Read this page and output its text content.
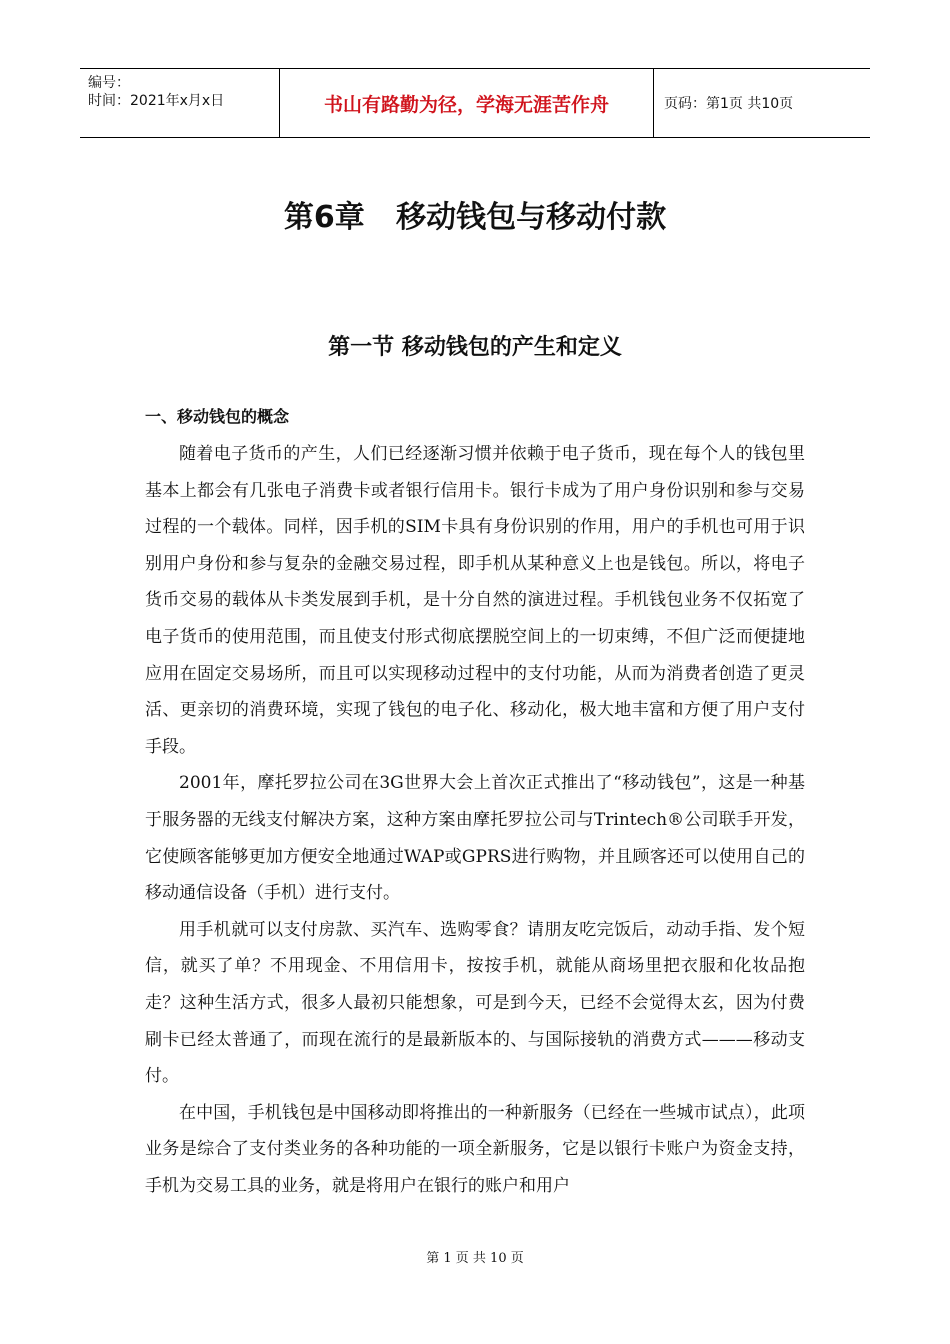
编号：
时间：2021年x月x日	书山有路勤为径，学海无涯苦作舟	页码：第1页 共10页
第6章   移动钱包与移动付款
第一节 移动钱包的产生和定义
一、移动钱包的概念

随着电子货币的产生，人们已经逐渐习惯并依赖于电子货币，现在每个人的钱包里基本上都会有几张电子消费卡或者银行信用卡。银行卡成为了用户身份识别和参与交易过程的一个载体。同样，因手机的SIM卡具有身份识别的作用，用户的手机也可用于识别用户身份和参与复杂的金融交易过程，即手机从某种意义上也是钱包。所以，将电子货币交易的载体从卡类发展到手机，是十分自然的演进过程。手机钱包业务不仅拓宽了电子货币的使用范围，而且使支付形式彻底摆脱空间上的一切束缚，不但广泛而便捷地应用在固定交易场所，而且可以实现移动过程中的支付功能，从而为消费者创造了更灵活、更亲切的消费环境，实现了钱包的电子化、移动化，极大地丰富和方便了用户支付手段。

2001年，摩托罗拉公司在3G世界大会上首次正式推出了“移动钱包”，这是一种基于服务器的无线支付解决方案，这种方案由摩托罗拉公司与Trintech®公司联手开发，它使顾客能够更加方便安全地通过WAP或GPRS进行购物，并且顾客还可以使用自己的移动通信设备（手机）进行支付。

用手机就可以支付房款、买汽车、选购零食？请朋友吃完饭后，动动手指、发个短信，就买了单？不用现金、不用信用卡，按按手机，就能从商场里把衣服和化妆品抱走？这种生活方式，很多人最初只能想象，可是到今天，已经不会觉得太玄，因为付费刷卡已经太普通了，而现在流行的是最新版本的、与国际接轨的消费方式———移动支付。

在中国，手机钱包是中国移动即将推出的一种新服务（已经在一些城市试点），此项业务是综合了支付类业务的各种功能的一项全新服务，它是以银行卡账户为资金支持，手机为交易工具的业务，就是将用户在银行的账户和用户

第 1 页 共 10 页
